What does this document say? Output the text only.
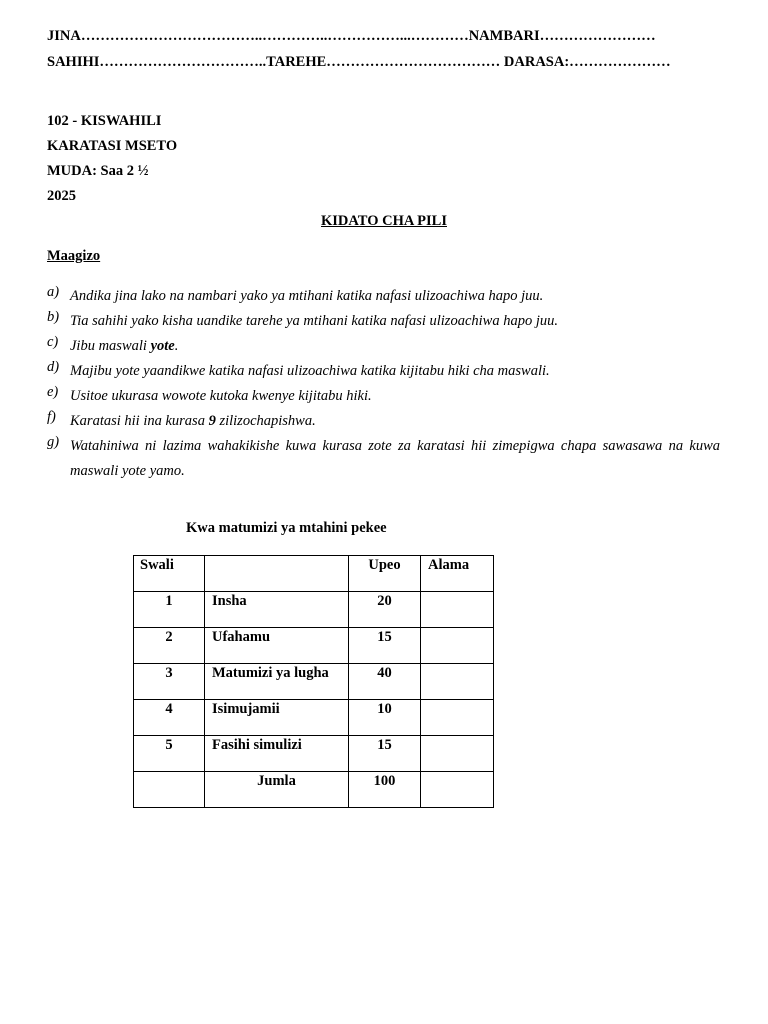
JINA………………………………..…………..……………...…………NAMBARI……………………
SAHIHI……………………………..TAREHE……………………………… DARASA:…………………
102 - KISWAHILI
KARATASI MSETO
MUDA: Saa 2 ½
2025
KIDATO CHA PILI
Maagizo
a) Andika jina lako na nambari yako ya mtihani katika nafasi ulizoachiwa hapo juu.
b) Tia sahihi yako kisha uandike tarehe ya mtihani katika nafasi ulizoachiwa hapo juu.
c) Jibu maswali yote.
d) Majibu yote yaandikwe katika nafasi ulizoachiwa katika kijitabu hiki cha maswali.
e) Usitoe ukurasa wowote kutoka kwenye kijitabu hiki.
f) Karatasi hii ina kurasa 9 zilizochapishwa.
g) Watahiniwa ni lazima wahakikishe kuwa kurasa zote za karatasi hii zimepigwa chapa sawasawa na kuwa maswali yote yamo.
Kwa matumizi ya mtahini pekee
Swali		Upeo	Alama
1	Insha	20	
2	Ufahamu	15	
3	Matumizi ya lugha	40	
4	Isimujamii	10	
5	Fasihi simulizi	15	
	Jumla	100	
